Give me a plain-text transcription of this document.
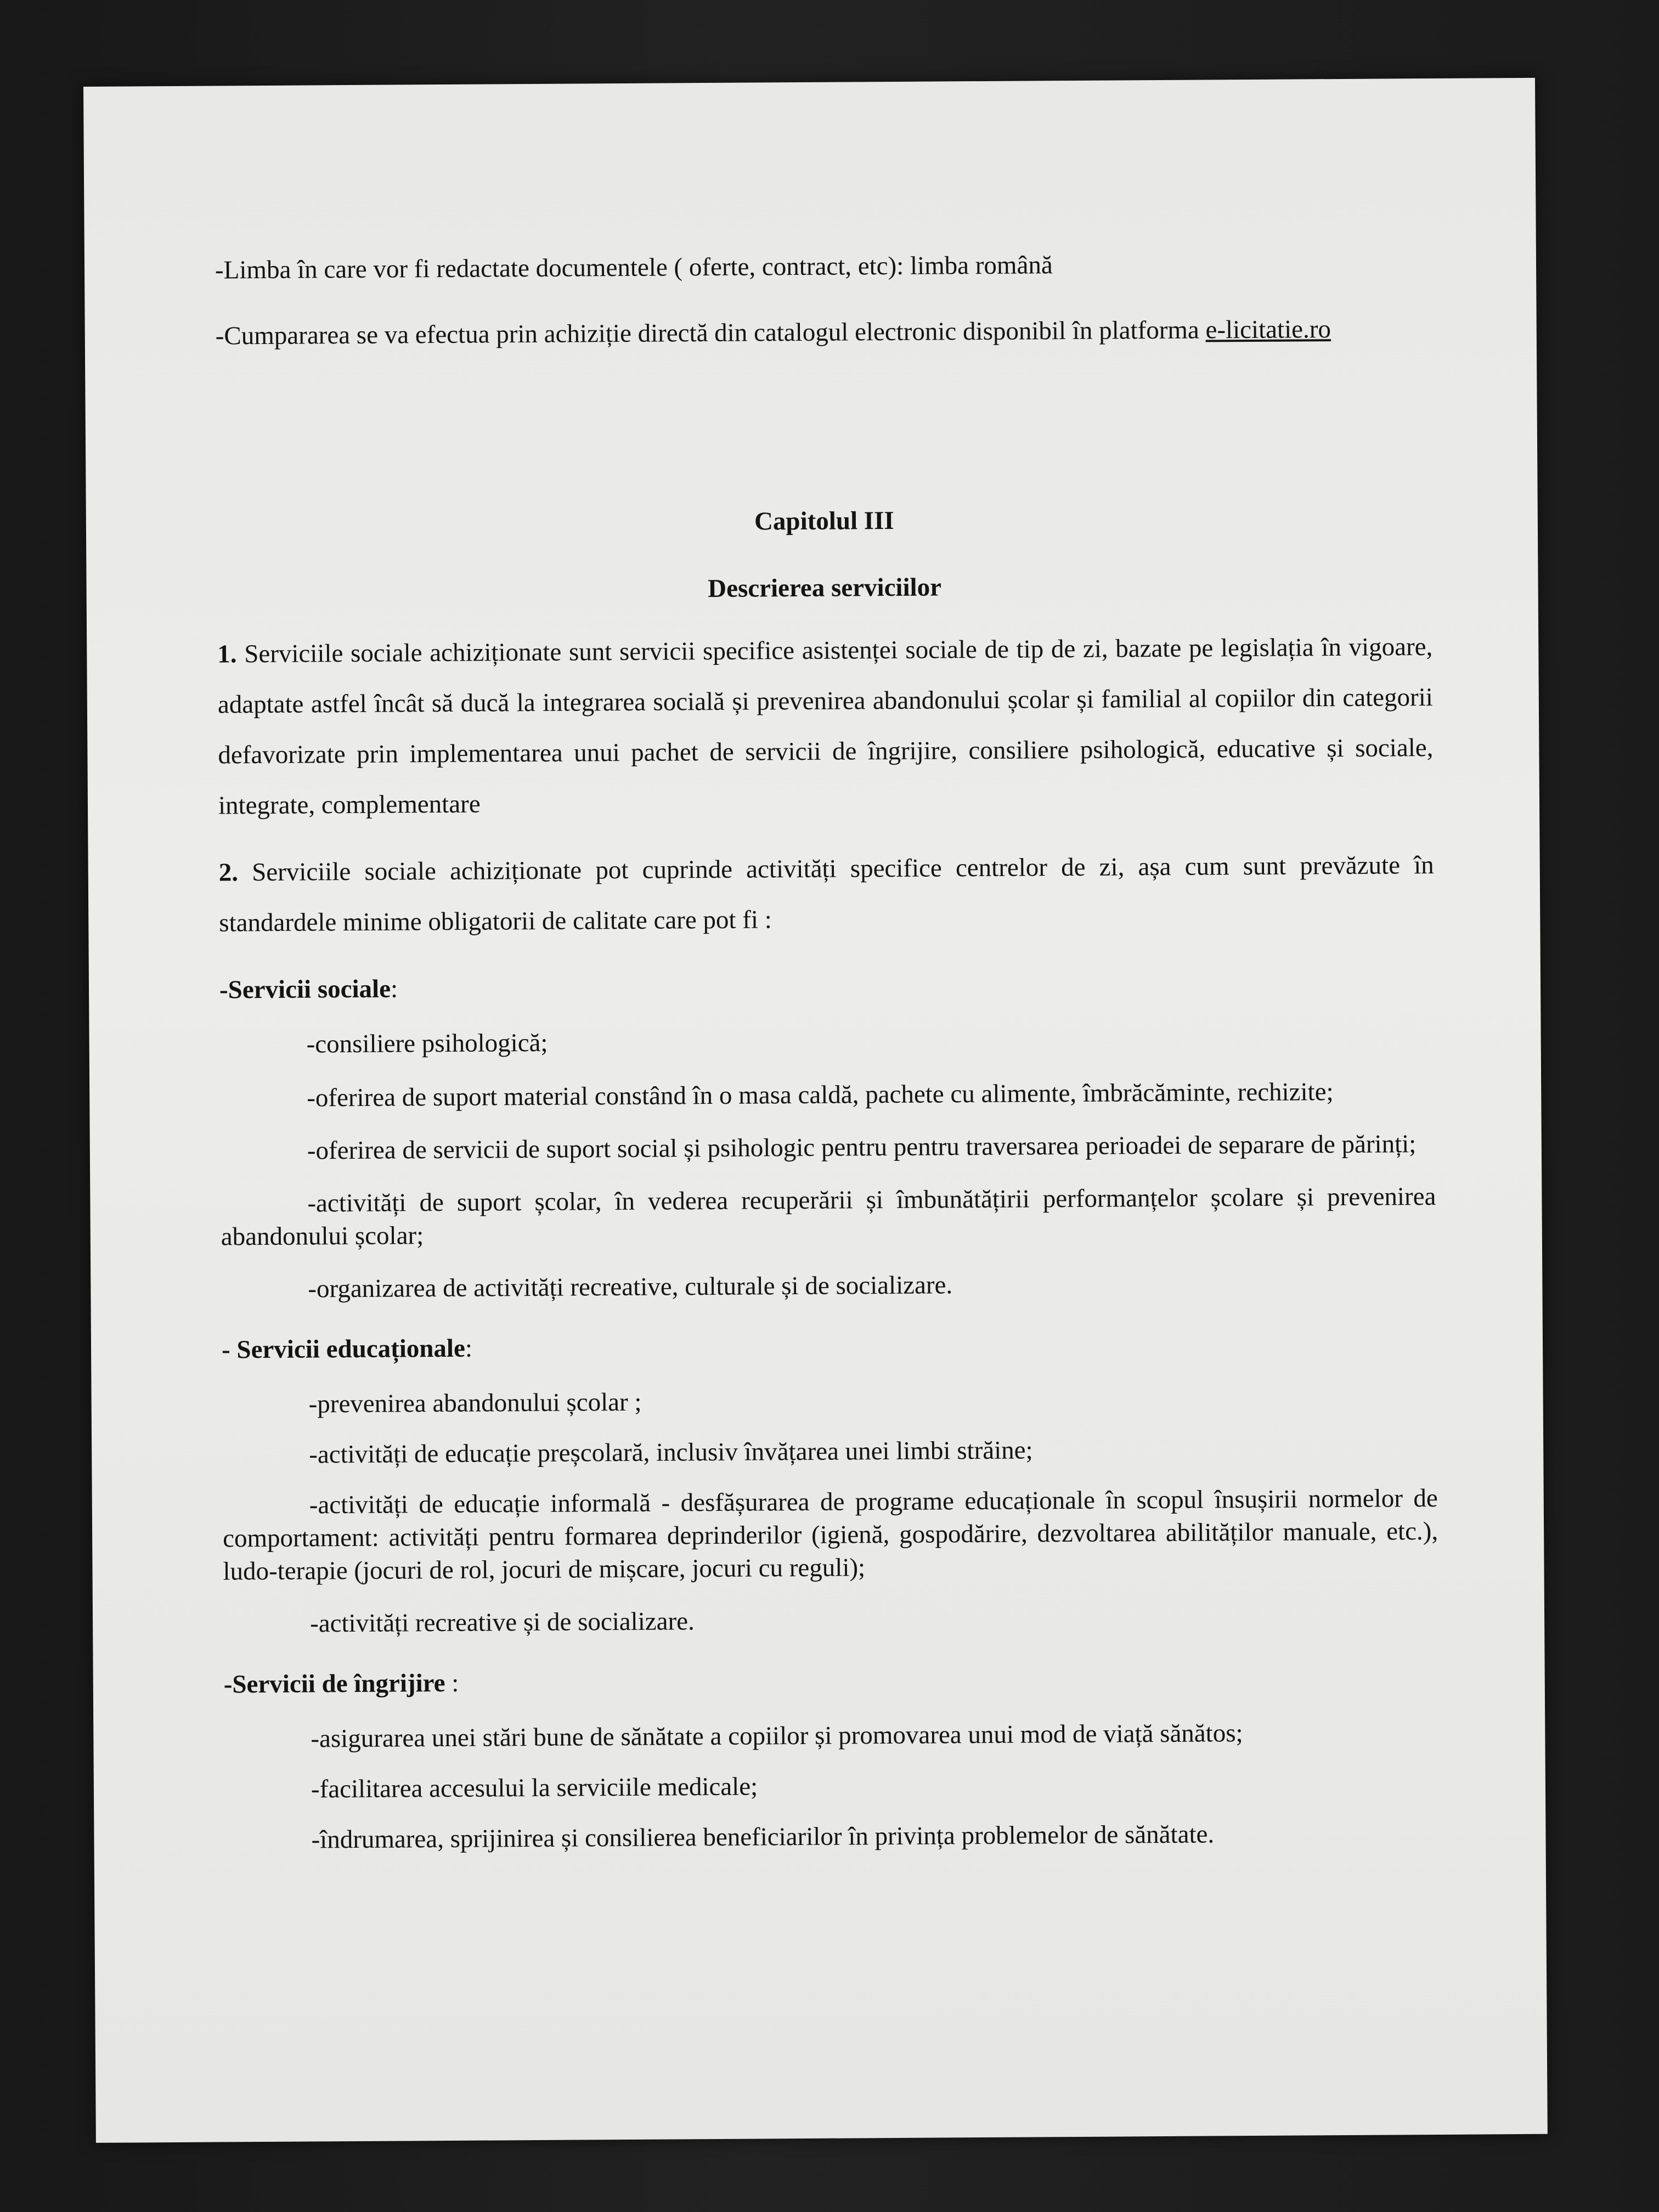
-Limba în care vor fi redactate documentele ( oferte, contract, etc): limba română

-Cumpararea se va efectua prin achiziție directă din catalogul electronic disponibil în platforma e-licitatie.ro

Capitolul III

Descrierea serviciilor

1. Serviciile sociale achiziționate sunt servicii specifice asistenței sociale de tip de zi, bazate pe legislația în vigoare, adaptate astfel încât să ducă la integrarea socială și prevenirea abandonului școlar și familial al copiilor din categorii defavorizate prin implementarea unui pachet de servicii de îngrijire, consiliere psihologică, educative și sociale, integrate, complementare

2. Serviciile sociale achiziționate pot cuprinde activități specifice centrelor de zi, așa cum sunt prevăzute în standardele minime obligatorii de calitate care pot fi :

-Servicii sociale:

-consiliere psihologică;

-oferirea de suport material constând în o masa caldă, pachete cu alimente, îmbrăcăminte, rechizite;

-oferirea de servicii de suport social și psihologic pentru pentru traversarea perioadei de separare de părinți;

-activități de suport școlar, în vederea recuperării și îmbunătățirii performanțelor școlare și prevenirea abandonului școlar;

-organizarea de activități recreative, culturale și de socializare.

- Servicii educaționale:

-prevenirea abandonului școlar ;

-activități de educație preșcolară, inclusiv învățarea unei limbi străine;

-activități de educație informală - desfășurarea de programe educaționale în scopul însușirii normelor de comportament: activități pentru formarea deprinderilor (igienă, gospodărire, dezvoltarea abilităților manuale, etc.), ludo-terapie (jocuri de rol, jocuri de mișcare, jocuri cu reguli);

-activități recreative și de socializare.

-Servicii de îngrijire :

-asigurarea unei stări bune de sănătate a copiilor și promovarea unui mod de viață sănătos;

-facilitarea accesului la serviciile medicale;

-îndrumarea, sprijinirea și consilierea beneficiarilor în privința problemelor de sănătate.
